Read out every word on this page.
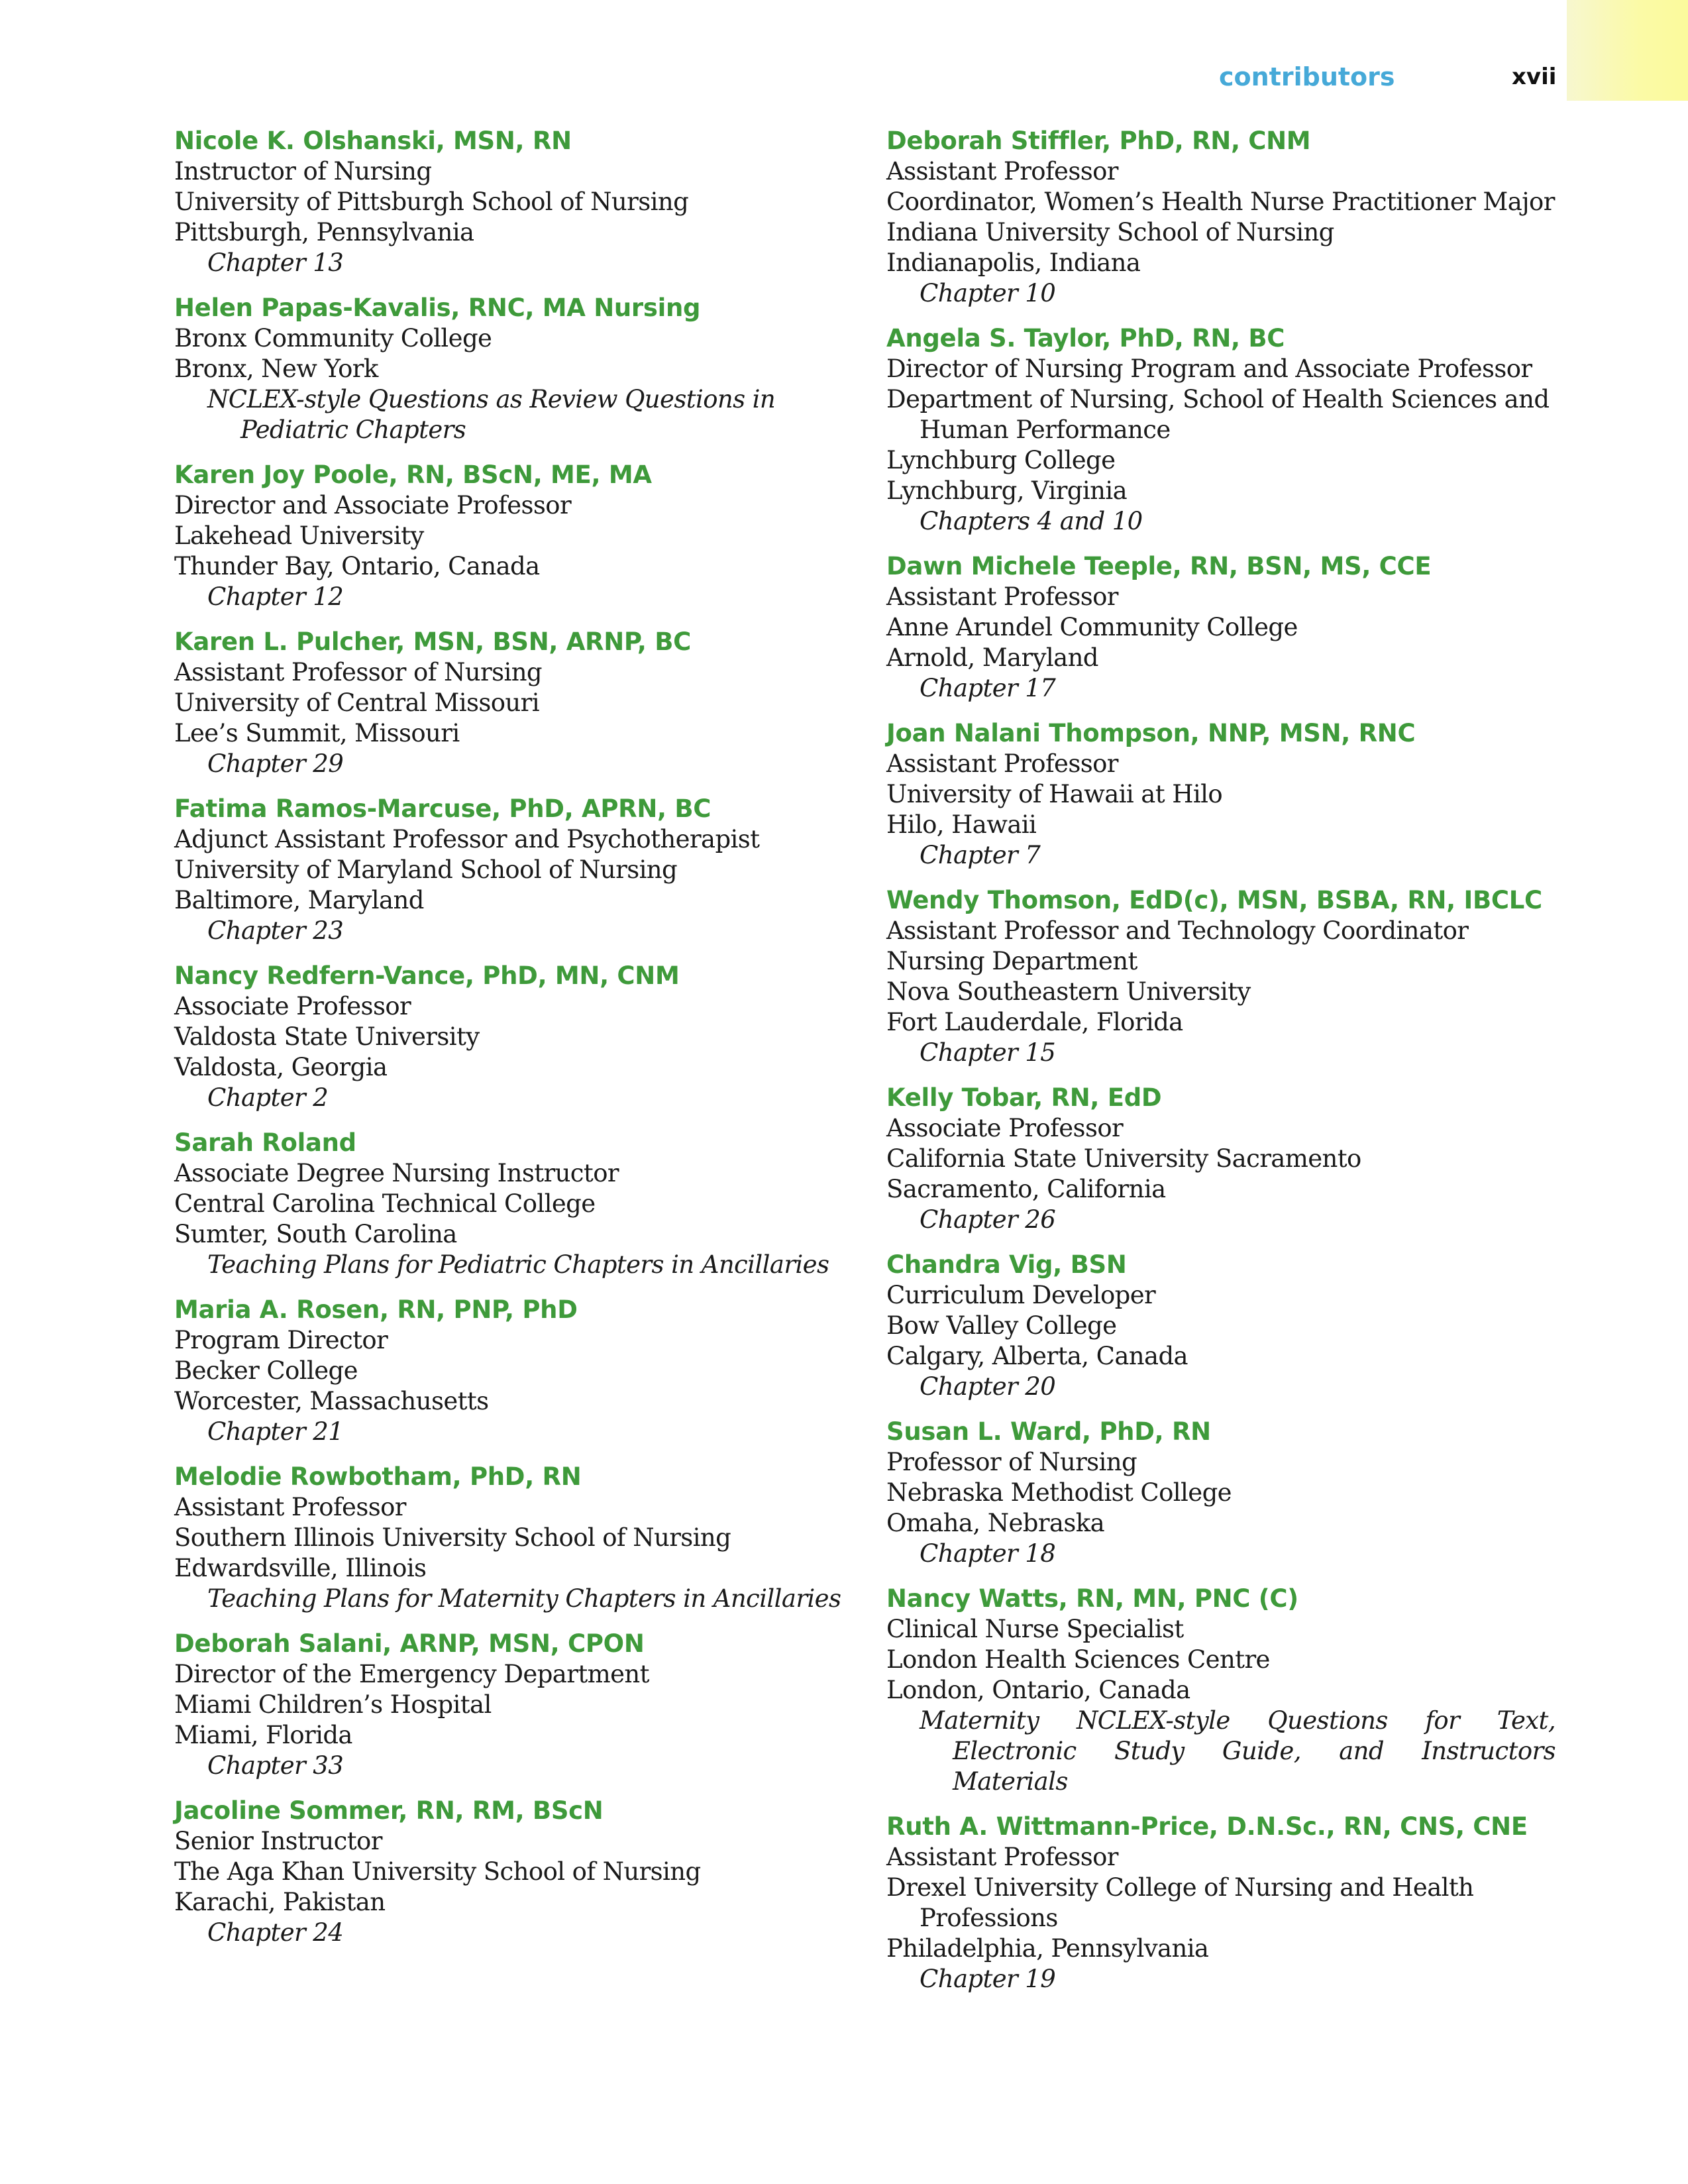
contributors	xvii
Nicole K. Olshanski, MSN, RN
Instructor of Nursing
University of Pittsburgh School of Nursing
Pittsburgh, Pennsylvania
Chapter 13
Helen Papas-Kavalis, RNC, MA Nursing
Bronx Community College
Bronx, New York
NCLEX-style Questions as Review Questions in Pediatric Chapters
Karen Joy Poole, RN, BScN, ME, MA
Director and Associate Professor
Lakehead University
Thunder Bay, Ontario, Canada
Chapter 12
Karen L. Pulcher, MSN, BSN, ARNP, BC
Assistant Professor of Nursing
University of Central Missouri
Lee’s Summit, Missouri
Chapter 29
Fatima Ramos-Marcuse, PhD, APRN, BC
Adjunct Assistant Professor and Psychotherapist
University of Maryland School of Nursing
Baltimore, Maryland
Chapter 23
Nancy Redfern-Vance, PhD, MN, CNM
Associate Professor
Valdosta State University
Valdosta, Georgia
Chapter 2
Sarah Roland
Associate Degree Nursing Instructor
Central Carolina Technical College
Sumter, South Carolina
Teaching Plans for Pediatric Chapters in Ancillaries
Maria A. Rosen, RN, PNP, PhD
Program Director
Becker College
Worcester, Massachusetts
Chapter 21
Melodie Rowbotham, PhD, RN
Assistant Professor
Southern Illinois University School of Nursing
Edwardsville, Illinois
Teaching Plans for Maternity Chapters in Ancillaries
Deborah Salani, ARNP, MSN, CPON
Director of the Emergency Department
Miami Children’s Hospital
Miami, Florida
Chapter 33
Jacoline Sommer, RN, RM, BScN
Senior Instructor
The Aga Khan University School of Nursing
Karachi, Pakistan
Chapter 24
Deborah Stiffler, PhD, RN, CNM
Assistant Professor
Coordinator, Women’s Health Nurse Practitioner Major
Indiana University School of Nursing
Indianapolis, Indiana
Chapter 10
Angela S. Taylor, PhD, RN, BC
Director of Nursing Program and Associate Professor
Department of Nursing, School of Health Sciences and Human Performance
Lynchburg College
Lynchburg, Virginia
Chapters 4 and 10
Dawn Michele Teeple, RN, BSN, MS, CCE
Assistant Professor
Anne Arundel Community College
Arnold, Maryland
Chapter 17
Joan Nalani Thompson, NNP, MSN, RNC
Assistant Professor
University of Hawaii at Hilo
Hilo, Hawaii
Chapter 7
Wendy Thomson, EdD(c), MSN, BSBA, RN, IBCLC
Assistant Professor and Technology Coordinator
Nursing Department
Nova Southeastern University
Fort Lauderdale, Florida
Chapter 15
Kelly Tobar, RN, EdD
Associate Professor
California State University Sacramento
Sacramento, California
Chapter 26
Chandra Vig, BSN
Curriculum Developer
Bow Valley College
Calgary, Alberta, Canada
Chapter 20
Susan L. Ward, PhD, RN
Professor of Nursing
Nebraska Methodist College
Omaha, Nebraska
Chapter 18
Nancy Watts, RN, MN, PNC (C)
Clinical Nurse Specialist
London Health Sciences Centre
London, Ontario, Canada
Maternity NCLEX-style Questions for Text, Electronic Study Guide, and Instructors Materials
Ruth A. Wittmann-Price, D.N.Sc., RN, CNS, CNE
Assistant Professor
Drexel University College of Nursing and Health Professions
Philadelphia, Pennsylvania
Chapter 19
